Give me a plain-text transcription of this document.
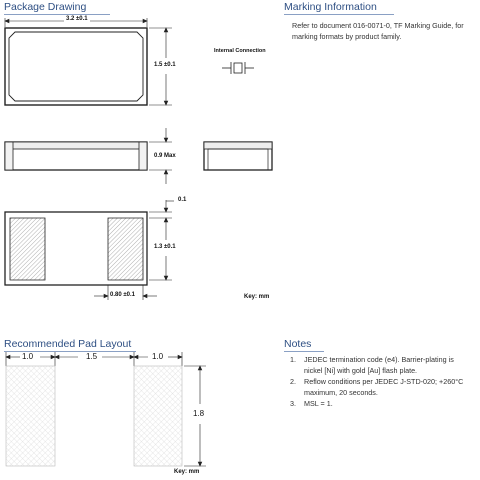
Package Drawing	Marking Information
Recommended Pad Layout	Notes
3.2 ±0.1
1.5 ±0.1
0.9 Max
0.1
1.3 ±0.1
0.80 ±0.1	Key: mm
Internal Connection
Refer to document 016-0071-0, TF Marking Guide, for marking formats by product family.
1.0	1.5	1.0
1.8
Key: mm
1. JEDEC termination code (e4). Barrier-plating is nickel [Ni] with gold [Au] flash plate.
2. Reflow conditions per JEDEC J-STD-020; +260°C maximum, 20 seconds.
3. MSL = 1.
